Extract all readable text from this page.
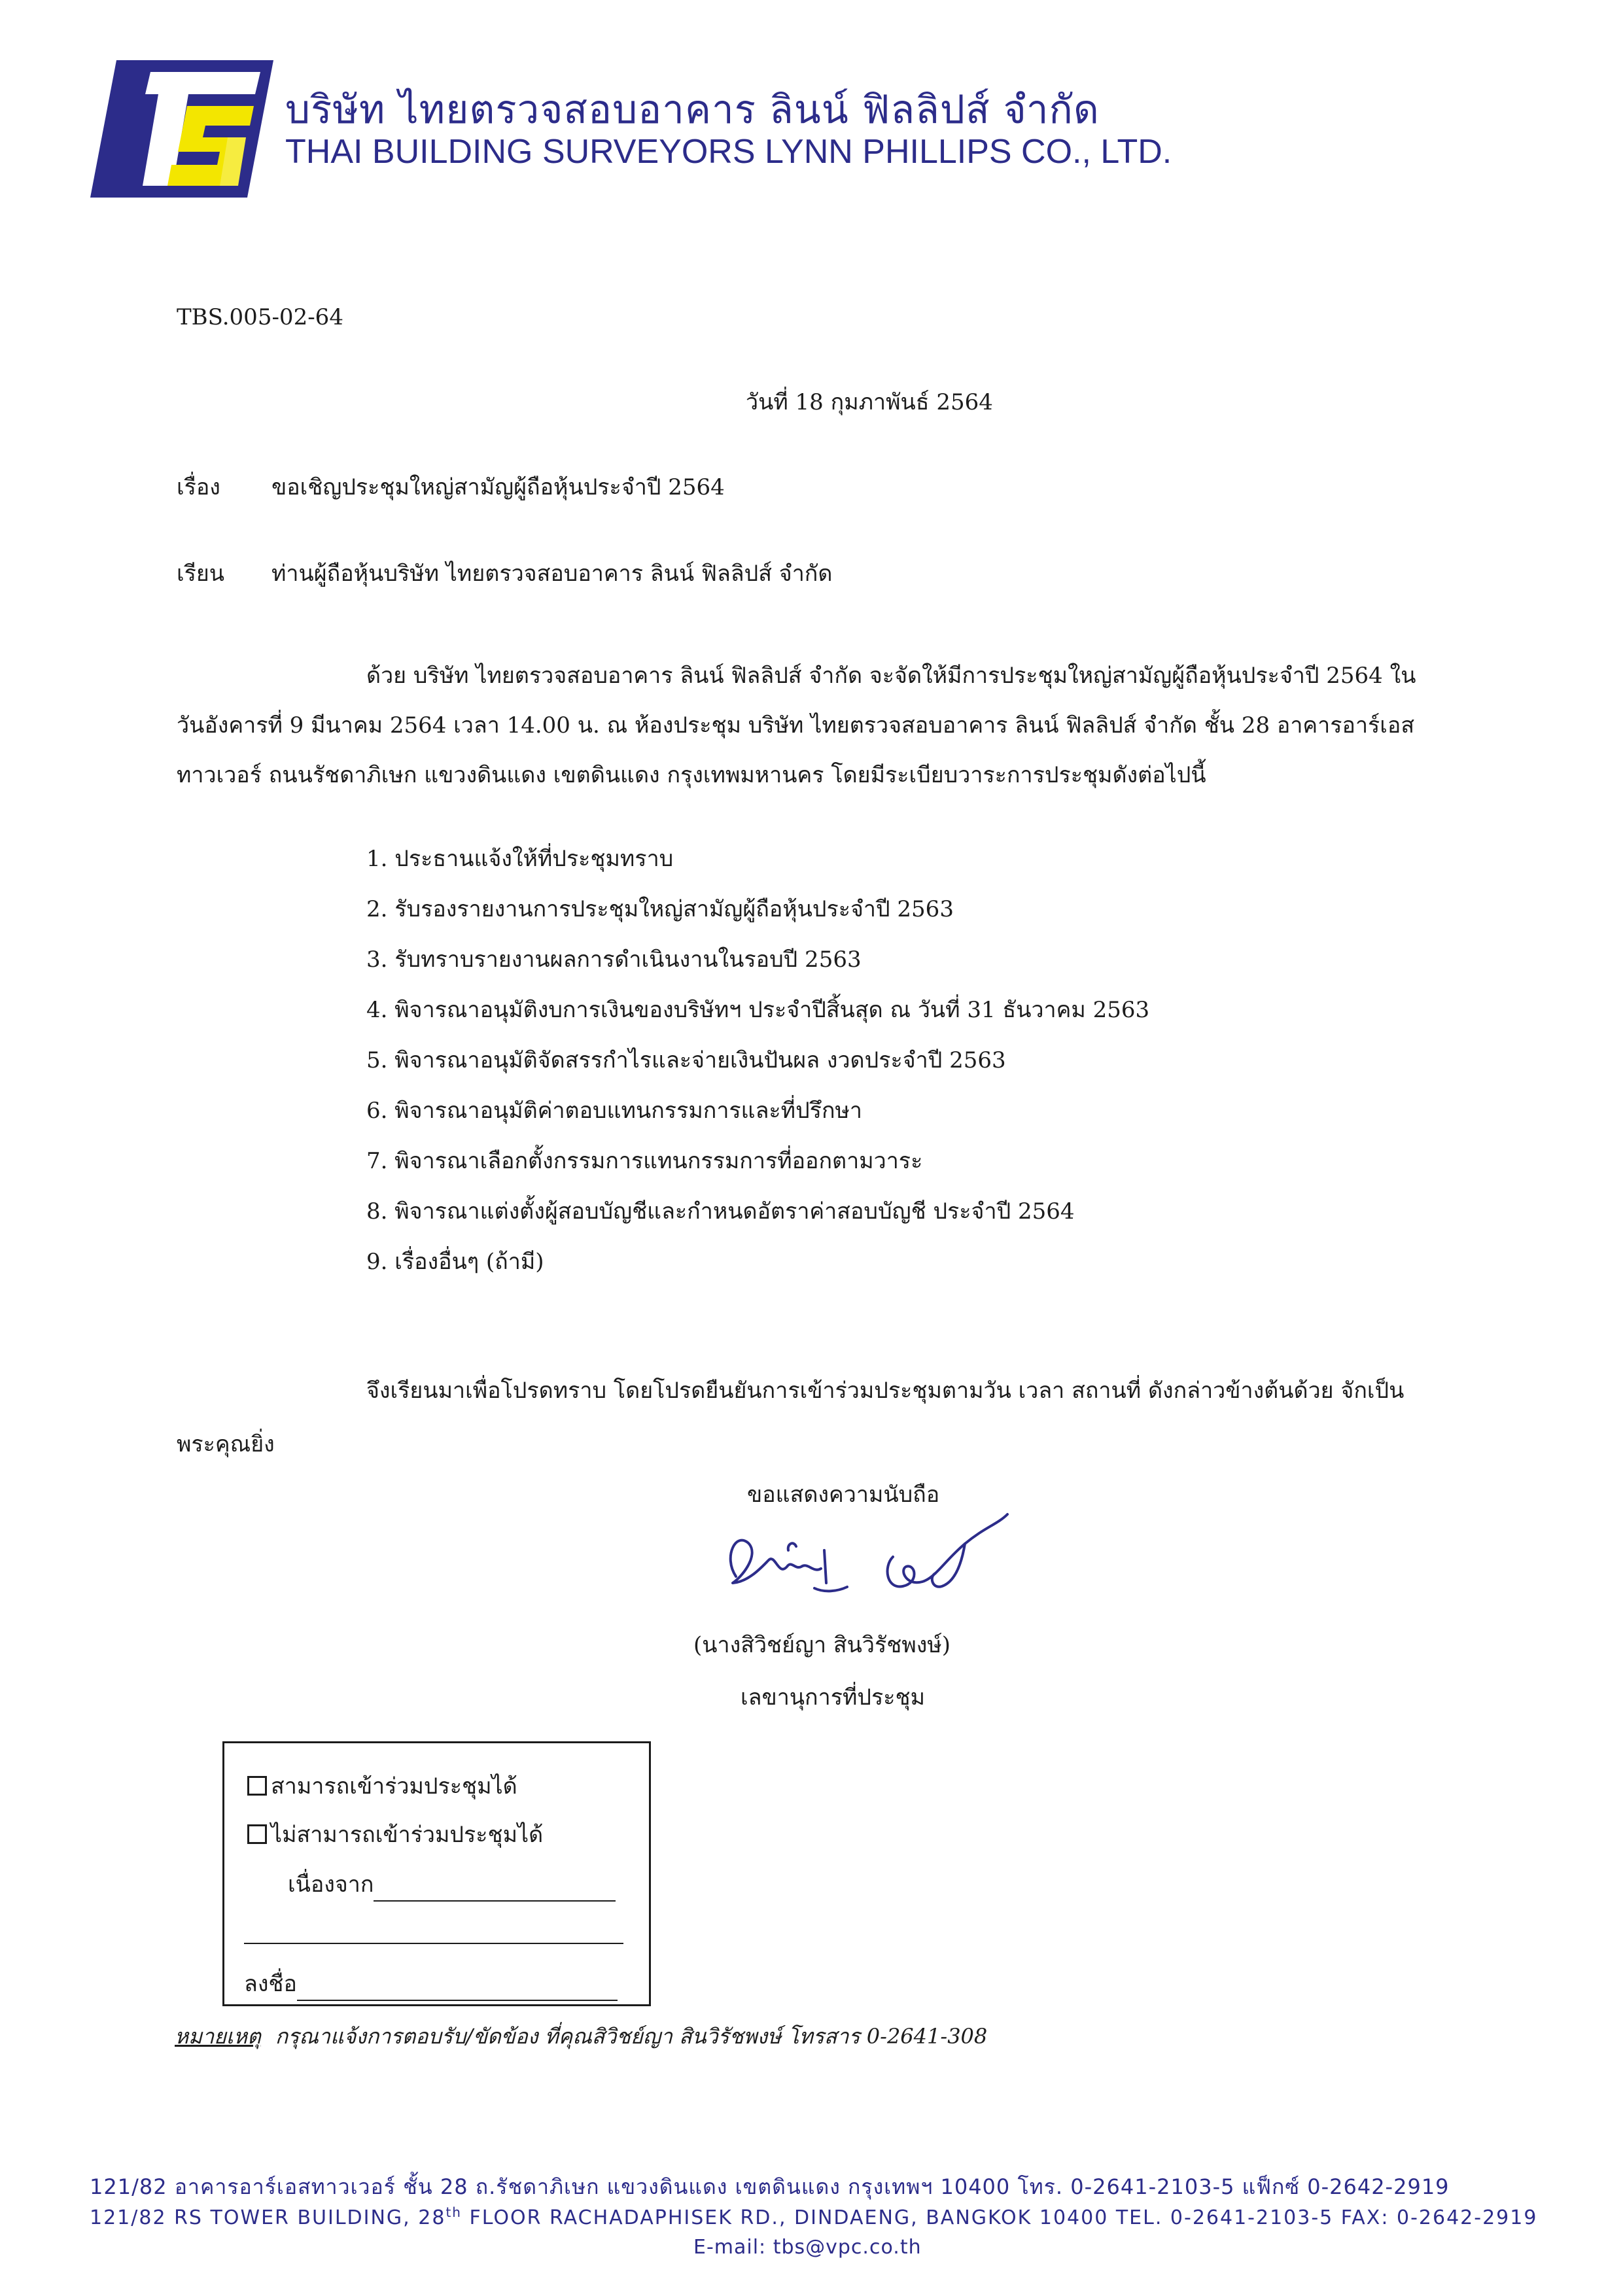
บริษัท ไทยตรวจสอบอาคาร ลินน์ ฟิลลิปส์ จำกัด
THAI BUILDING SURVEYORS LYNN PHILLIPS CO., LTD.
TBS.005-02-64
วันที่ 18 กุมภาพันธ์ 2564
เรื่อง ขอเชิญประชุมใหญ่สามัญผู้ถือหุ้นประจำปี 2564
เรียน ท่านผู้ถือหุ้นบริษัท ไทยตรวจสอบอาคาร ลินน์ ฟิลลิปส์ จำกัด

ด้วย บริษัท ไทยตรวจสอบอาคาร ลินน์ ฟิลลิปส์ จำกัด จะจัดให้มีการประชุมใหญ่สามัญผู้ถือหุ้นประจำปี 2564 ในวันอังคารที่ 9 มีนาคม 2564 เวลา 14.00 น. ณ ห้องประชุม บริษัท ไทยตรวจสอบอาคาร ลินน์ ฟิลลิปส์ จำกัด ชั้น 28 อาคารอาร์เอส ทาวเวอร์ ถนนรัชดาภิเษก แขวงดินแดง เขตดินแดง กรุงเทพมหานคร โดยมีระเบียบวาระการประชุมดังต่อไปนี้

1. ประธานแจ้งให้ที่ประชุมทราบ
2. รับรองรายงานการประชุมใหญ่สามัญผู้ถือหุ้นประจำปี 2563
3. รับทราบรายงานผลการดำเนินงานในรอบปี 2563
4. พิจารณาอนุมัติงบการเงินของบริษัทฯ ประจำปีสิ้นสุด ณ วันที่ 31 ธันวาคม 2563
5. พิจารณาอนุมัติจัดสรรกำไรและจ่ายเงินปันผล งวดประจำปี 2563
6. พิจารณาอนุมัติค่าตอบแทนกรรมการและที่ปรึกษา
7. พิจารณาเลือกตั้งกรรมการแทนกรรมการที่ออกตามวาระ
8. พิจารณาแต่งตั้งผู้สอบบัญชีและกำหนดอัตราค่าสอบบัญชี ประจำปี 2564
9. เรื่องอื่นๆ (ถ้ามี)

จึงเรียนมาเพื่อโปรดทราบ โดยโปรดยืนยันการเข้าร่วมประชุมตามวัน เวลา สถานที่ ดังกล่าวข้างต้นด้วย จักเป็นพระคุณยิ่ง

ขอแสดงความนับถือ
(นางสิวิชย์ญา สินวิรัชพงษ์)
เลขานุการที่ประชุม
สามารถเข้าร่วมประชุมได้
ไม่สามารถเข้าร่วมประชุมได้
เนื่องจาก
ลงชื่อ
หมายเหตุ กรุณาแจ้งการตอบรับ/ขัดข้อง ที่คุณสิวิชย์ญา สินวิรัชพงษ์ โทรสาร 0-2641-308
121/82 อาคารอาร์เอสทาวเวอร์ ชั้น 28 ถ.รัชดาภิเษก แขวงดินแดง เขตดินแดง กรุงเทพฯ 10400 โทร. 0-2641-2103-5 แฟ็กซ์ 0-2642-2919
121/82 RS TOWER BUILDING, 28th FLOOR RACHADAPHISEK RD., DINDAENG, BANGKOK 10400 TEL. 0-2641-2103-5 FAX: 0-2642-2919
E-mail: tbs@vpc.co.th
